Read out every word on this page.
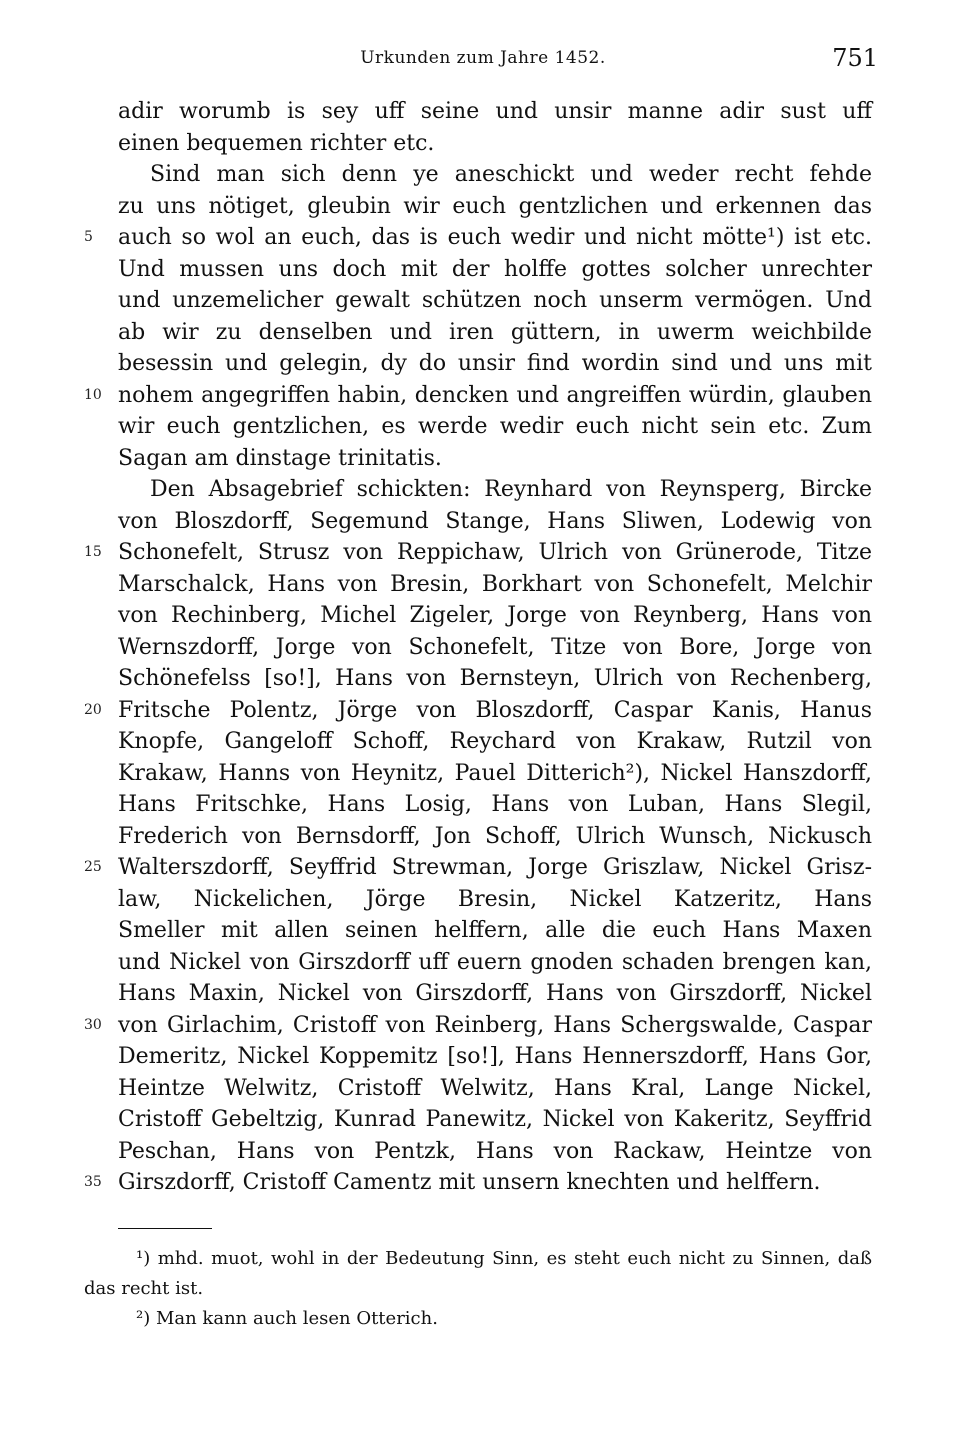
Urkunden zum Jahre 1452.	751
adir worumb is sey uff seine und unsir manne adir sust uff
einen bequemen richter etc.
Sind man sich denn ye aneschickt und weder recht fehde
zu uns nötiget, gleubin wir euch gentzlichen und erkennen das
5	auch so wol an euch, das is euch wedir und nicht mötte¹) ist etc.
Und mussen uns doch mit der holffe gottes solcher unrechter
und unzemelicher gewalt schützen noch unserm vermögen. Und
ab wir zu denselben und iren güttern, in uwerm weichbilde
besessin und gelegin, dy do unsir find wordin sind und uns mit
10 nohem angegriffen habin, dencken und angreiffen würdin, glauben
wir euch gentzlichen, es werde wedir euch nicht sein etc. Zum
Sagan am dinstage trinitatis.
Den Absagebrief schickten: Reynhard von Reynsperg, Bircke
von Bloszdorff, Segemund Stange, Hans Sliwen, Lodewig von
15 Schonefelt, Strusz von Reppichaw, Ulrich von Grünerode, Titze
Marschalck, Hans von Bresin, Borkhart von Schonefelt, Melchir
von Rechinberg, Michel Zigeler, Jorge von Reynberg, Hans von
Wernszdorff, Jorge von Schonefelt, Titze von Bore, Jorge von
Schönefelss [so!], Hans von Bernsteyn, Ulrich von Rechenberg,
20 Fritsche Polentz, Jörge von Bloszdorff, Caspar Kanis, Hanus
Knopfe, Gangeloff Schoff, Reychard von Krakaw, Rutzil von
Krakaw, Hanns von Heynitz, Pauel Ditterich²), Nickel Hanszdorff,
Hans Fritschke, Hans Losig, Hans von Luban, Hans Slegil,
Frederich von Bernsdorff, Jon Schoff, Ulrich Wunsch, Nickusch
25 Walterszdorff, Seyffrid Strewman, Jorge Griszlaw, Nickel Grisz-
law, Nickelichen, Jörge Bresin, Nickel Katzeritz, Hans
Smeller mit allen seinen helffern, alle die euch Hans Maxen
und Nickel von Girszdorff uff euern gnoden schaden brengen kan,
Hans Maxin, Nickel von Girszdorff, Hans von Girszdorff, Nickel
30 von Girlachim, Cristoff von Reinberg, Hans Schergswalde, Caspar
Demeritz, Nickel Koppemitz [so!], Hans Hennerszdorff, Hans Gor,
Heintze Welwitz, Cristoff Welwitz, Hans Kral, Lange Nickel,
Cristoff Gebeltzig, Kunrad Panewitz, Nickel von Kakeritz, Seyffrid
Peschan, Hans von Pentzk, Hans von Rackaw, Heintze von
35 Girszdorff, Cristoff Camentz mit unsern knechten und helffern.
¹) mhd. muot, wohl in der Bedeutung Sinn, es steht euch nicht zu Sinnen, daß
das recht ist.
²) Man kann auch lesen Otterich.
